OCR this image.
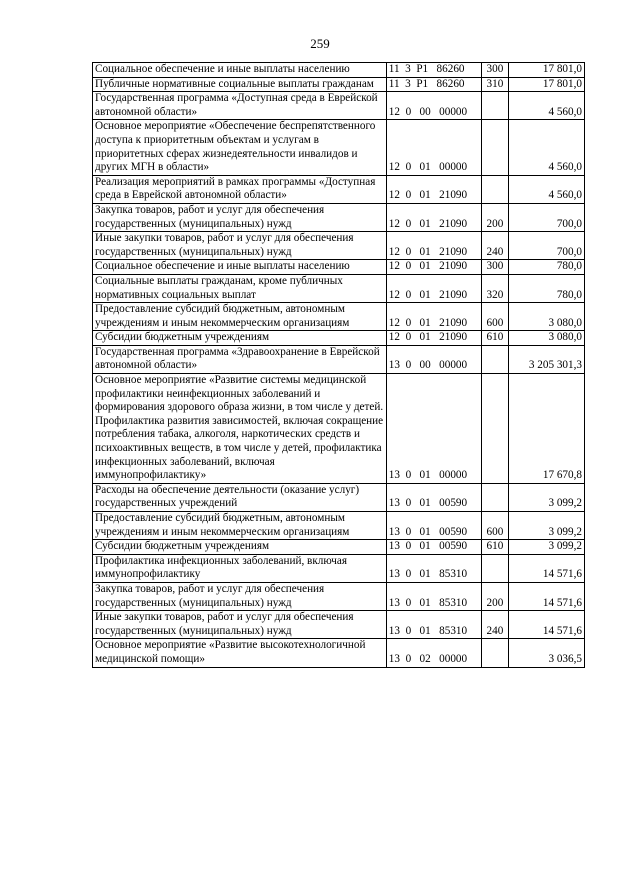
259
Социальное обеспечение и иные выплаты населению	11  3  P1   86260	300	17 801,0
Публичные нормативные социальные выплаты гражданам	11  3  P1   86260	310	17 801,0
Государственная программа «Доступная среда в Еврейской автономной области»	12  0   00   00000		4 560,0
Основное мероприятие «Обеспечение беспрепятственного доступа к приоритетным объектам и услугам в приоритетных сферах жизнедеятельности инвалидов и других МГН в области»	12  0   01   00000		4 560,0
Реализация мероприятий в рамках программы «Доступная среда в Еврейской автономной области»	12  0   01   21090		4 560,0
Закупка товаров, работ и услуг для обеспечения государственных (муниципальных) нужд	12  0   01   21090	200	700,0
Иные закупки товаров, работ и услуг для обеспечения государственных (муниципальных) нужд	12  0   01   21090	240	700,0
Социальное обеспечение и иные выплаты населению	12  0   01   21090	300	780,0
Социальные выплаты гражданам, кроме публичных нормативных социальных выплат	12  0   01   21090	320	780,0
Предоставление субсидий бюджетным, автономным учреждениям и иным некоммерческим организациям	12  0   01   21090	600	3 080,0
Субсидии бюджетным учреждениям	12  0   01   21090	610	3 080,0
Государственная программа «Здравоохранение в Еврейской автономной области»	13  0   00   00000		3 205 301,3
Основное мероприятие «Развитие системы медицинской профилактики неинфекционных заболеваний и формирования здорового образа жизни, в том числе у детей. Профилактика развития зависимостей, включая сокращение потребления табака, алкоголя, наркотических средств и психоактивных веществ, в том числе у детей, профилактика инфекционных заболеваний, включая иммунопрофилактику»	13  0   01   00000		17 670,8
Расходы на обеспечение деятельности (оказание услуг) государственных учреждений	13  0   01   00590		3 099,2
Предоставление субсидий бюджетным, автономным учреждениям и иным некоммерческим организациям	13  0   01   00590	600	3 099,2
Субсидии бюджетным учреждениям	13  0   01   00590	610	3 099,2
Профилактика инфекционных заболеваний, включая иммунопрофилактику	13  0   01   85310		14 571,6
Закупка товаров, работ и услуг для обеспечения государственных (муниципальных) нужд	13  0   01   85310	200	14 571,6
Иные закупки товаров, работ и услуг для обеспечения государственных (муниципальных) нужд	13  0   01   85310	240	14 571,6
Основное мероприятие «Развитие высокотехнологичной медицинской помощи»	13  0   02   00000		3 036,5
